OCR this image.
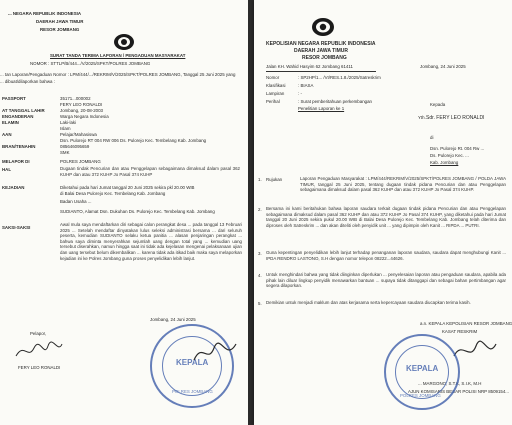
... NEGARA REPUBLIK INDONESIA
DAERAH JAWA TIMUR
RESOR JOMBANG
SURAT TANDA TERIMA LAPORAN / PENGADUAN MASYARAKAT
NOMOR : STTLP/B/444.../V/2025/SPKT/POLRES JOMBANG
... tan Laporan/Pengaduan Nomor : LPM/444/.../REKRIM/V/2025/SPKT/POLRES JOMBANG, Tanggal 25 Juni 2025 yang
... dibuat/dilaporkan bahwa :
PASSPORT	35171...000002
FERY LEO RONALDI
AT TANGGAL LAHIR	Jombang, 20-08-2003
ENGANDERAN	Warga Negara Indonesia
ELAMIN	Laki-laki
Islam
AAN	Pelajar/Mahasiswa
Dsn. Pulorejo RT 004 RW 006 Ds. Pulorejo Kec. Tembelang Kab. Jombang
BRAN/TENAHIN	085646095659
SMK
MELAPOR DI	POLRES JOMBANG
HAL	Dugaan tindak Pencurian dan atau Penggelapan sebagaimana dimaksud dalam pasal 362 KUHP dan atau 372 KUHP Jo Pasal 374 KUHP
KEJADIAN	Diketahui pada hari Jumat tanggal 20 Juni 2025 sekira pkl 20.00 WIB
di Balai Desa Pulorejo Kec. Tembelang Kab. Jombang
Badan Usaha ...
SUDIANTO, Alamat Dsn. Dukuhan Ds. Pulorejo Kec. Tembelang Kab. Jombang
SAKSI-SAKSI
Awal mula saya mendaftarkan diri sebagai calon perangkat desa ... pada tanggal 13 Februari 2025 ... Setelah mendaftar dinyatakan lulus seleksi administrasi bersama ... dari seluruh peserta, kemudian SUDIANTO selaku ketua panitia ... alasan penjaringan perangkat ... bahwa saya diminta menyerahkan sejumlah uang dengan total yang ... kemudian uang tersebut diserahkan, namun hingga saat ini tidak ada kejelasan mengenai pelaksanaan ujian dan uang tersebut belum dikembalikan ... karena tidak ada itikad baik maka saya melaporkan kejadian ini ke Polres Jombang guna proses penyelidikan lebih lanjut.
Jombang, 24 Juni 2025
Pelapor,
FERY LEO RONALDI
KEPALA
POLRES JOMBANG
KEPOLISIAN NEGARA REPUBLIK INDONESIA
DAERAH JAWA TIMUR
RESOR JOMBANG
Jalan KH. Wahid Hasyim 62 Jombang 61411	Jombang, 24 Juni 2025
Nomor	: SP2HP/1... /VI/RES.1.8./2025/Satreskrim
Klasifikasi	: BIASA
Lampiran	: -
Perihal	: Surat pemberitahuan perkembangan
Penelitian Laporan ke 1
Kepada
Yth. Sdr. FERY LEO RONALDI
di
Dsn. Pulorejo Rt. 004 Rw ...
Ds. Pulorejo Kec. ...
Kab. Jombang
1. Rujukan	Laporan Pengaduan Masyarakat : LPM/444/REKRIM/V/2025/SPKT/POLRES JOMBANG / POLDA JAWA TIMUR, tanggal 25 Juni 2025, tentang dugaan tindak pidana Pencurian dan atau Penggelapan sebagaimana dimaksud dalam pasal 362 KUHP dan atau 372 KUHP Jo Pasal 374 KUHP.
2. Bersama ini kami beritahukan bahwa laporan saudara terkait dugaan tindak pidana Pencurian dan atau Penggelapan sebagaimana dimaksud dalam pasal 362 KUHP dan atau 372 KUHP Jo Pasal 374 KUHP, yang diketahui pada hari Jumat tanggal 20 Juni 2025 sekira pukul 20.00 WIB di Balai Desa Pulorejo Kec. Tembelang Kab. Jombang telah diterima dan diproses oleh Satreskrim ... dan akan diteliti oleh penyidik unit ... yang dipimpin oleh Kanit ... RIPDA ... PUTRI.
3. Guna kepentingan penyelidikan lebih lanjut terhadap penanganan laporan saudara, saudara dapat menghubungi Kanit ... IPDA RENDRO LASTONO, S.H dengan nomor telepon 08222...44626.
4. Untuk menghindari bahwa yang tidak diinginkan diperlukan ... penyelesaian laporan atau pengaduan saudara, apabila ada pihak lain diluar lingkup penyidik menawarkan bantuan ... supaya tidak ditanggapi dan sebagai bahan pertimbangan agar segera dilaporkan.
5. Demikian untuk menjadi maklum dan atas kerjasama serta kepercayaan saudara diucapkan terima kasih.
a.n. KEPALA KEPOLISIAN RESOR JOMBANG
KASAT RESKRIM
... MARGONO, S.T.K, S.I.K, M.H
AJUN KOMISARIS BESAR POLISI NRP 8509154...
KEPALA
POLRES JOMBANG
